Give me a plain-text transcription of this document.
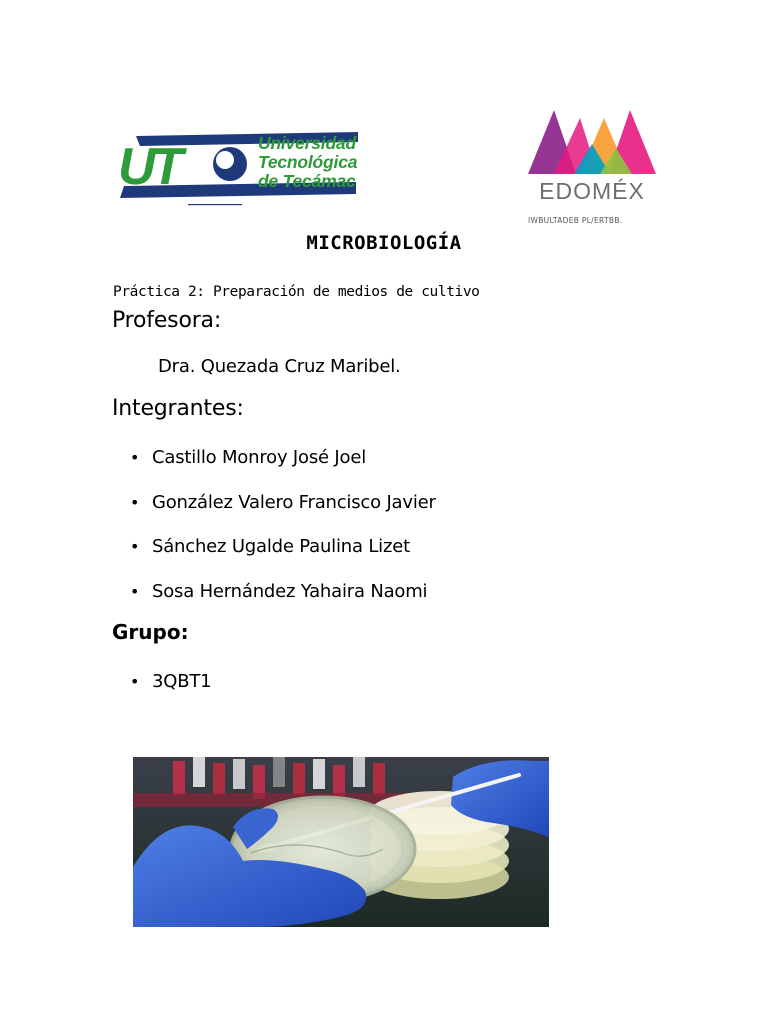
UT	Universidad
Tecnológica
de Tecámac	EDOMÉX
IWBULTADEB PL/ERTBB.
MICROBIOLOGÍA
Práctica 2: Preparación de medios de cultivo
Profesora:
Dra. Quezada Cruz Maribel.
Integrantes:
• Castillo Monroy José Joel
• González Valero Francisco Javier
• Sánchez Ugalde Paulina Lizet
• Sosa Hernández Yahaira Naomi
Grupo:
• 3QBT1
